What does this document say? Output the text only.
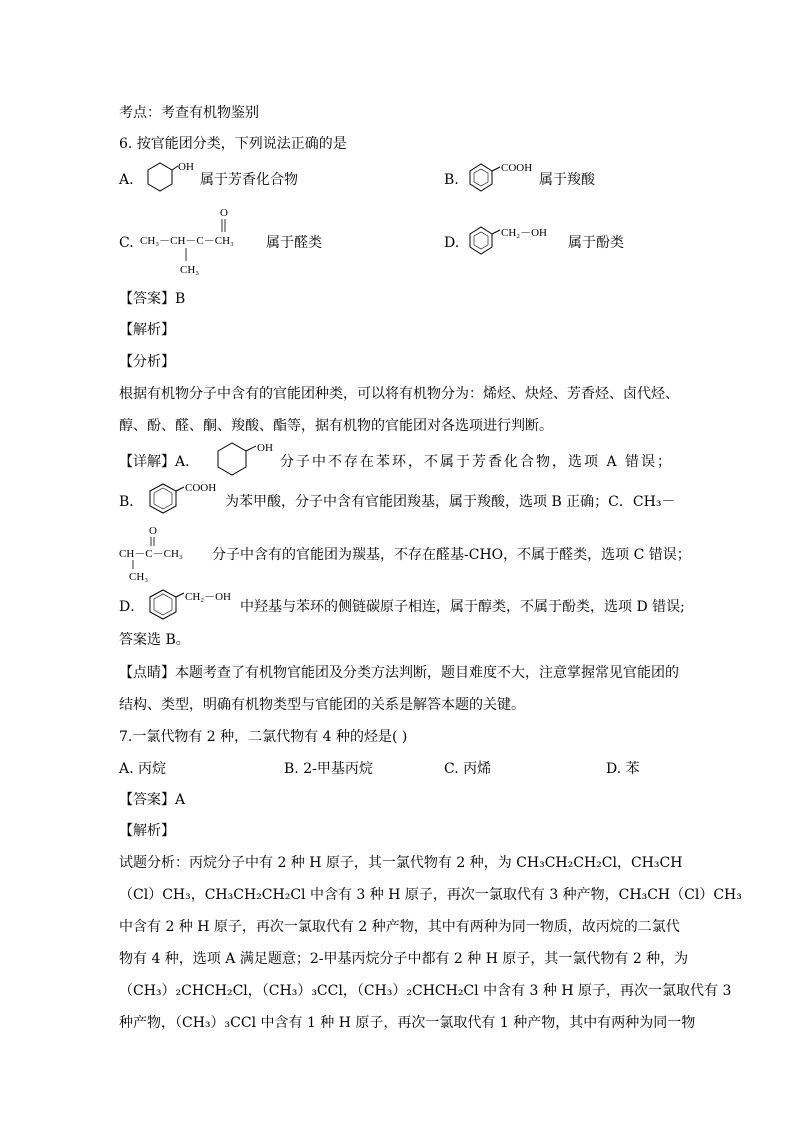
考点：考查有机物鉴别
6. 按官能团分类，下列说法正确的是
A.
OH
属于芳香化合物	B.
COOH
属于羧酸
C.
O
CH₃－CH－C－CH₃
CH₃
属于醛类	D.
CH₂－OH
属于酚类
【答案】B
【解析】
【分析】
根据有机物分子中含有的官能团种类，可以将有机物分为：烯烃、炔烃、芳香烃、卤代烃、
醇、酚、醛、酮、羧酸、酯等，据有机物的官能团对各选项进行判断。
【详解】A．
OH
分子中不存在苯环，不属于芳香化合物，选项 A 错误；
B．
COOH
为苯甲酸，分子中含有官能团羧基，属于羧酸，选项 B 正确；C．CH₃－
O
CH－C－CH₃
CH₃
分子中含有的官能团为羰基，不存在醛基-CHO，不属于醛类，选项 C 错误；
D．
CH₂－OH
中羟基与苯环的侧链碳原子相连，属于醇类，不属于酚类，选项 D 错误;
答案选 B。
【点睛】本题考查了有机物官能团及分类方法判断，题目难度不大，注意掌握常见官能团的
结构、类型，明确有机物类型与官能团的关系是解答本题的关键。
7.一氯代物有 2 种，二氯代物有 4 种的烃是( )
A. 丙烷	B. 2-甲基丙烷	C. 丙烯	D. 苯
【答案】A
【解析】
试题分析：丙烷分子中有 2 种 H 原子，其一氯代物有 2 种，为 CH₃CH₂CH₂Cl，CH₃CH
（Cl）CH₃，CH₃CH₂CH₂Cl 中含有 3 种 H 原子，再次一氯取代有 3 种产物，CH₃CH（Cl）CH₃
中含有 2 种 H 原子，再次一氯取代有 2 种产物，其中有两种为同一物质，故丙烷的二氯代
物有 4 种，选项 A 满足题意；2-甲基丙烷分子中都有 2 种 H 原子，其一氯代物有 2 种，为
（CH₃）₂CHCH₂Cl，（CH₃）₃CCl，（CH₃）₂CHCH₂Cl 中含有 3 种 H 原子，再次一氯取代有 3
种产物，（CH₃）₃CCl 中含有 1 种 H 原子，再次一氯取代有 1 种产物，其中有两种为同一物
